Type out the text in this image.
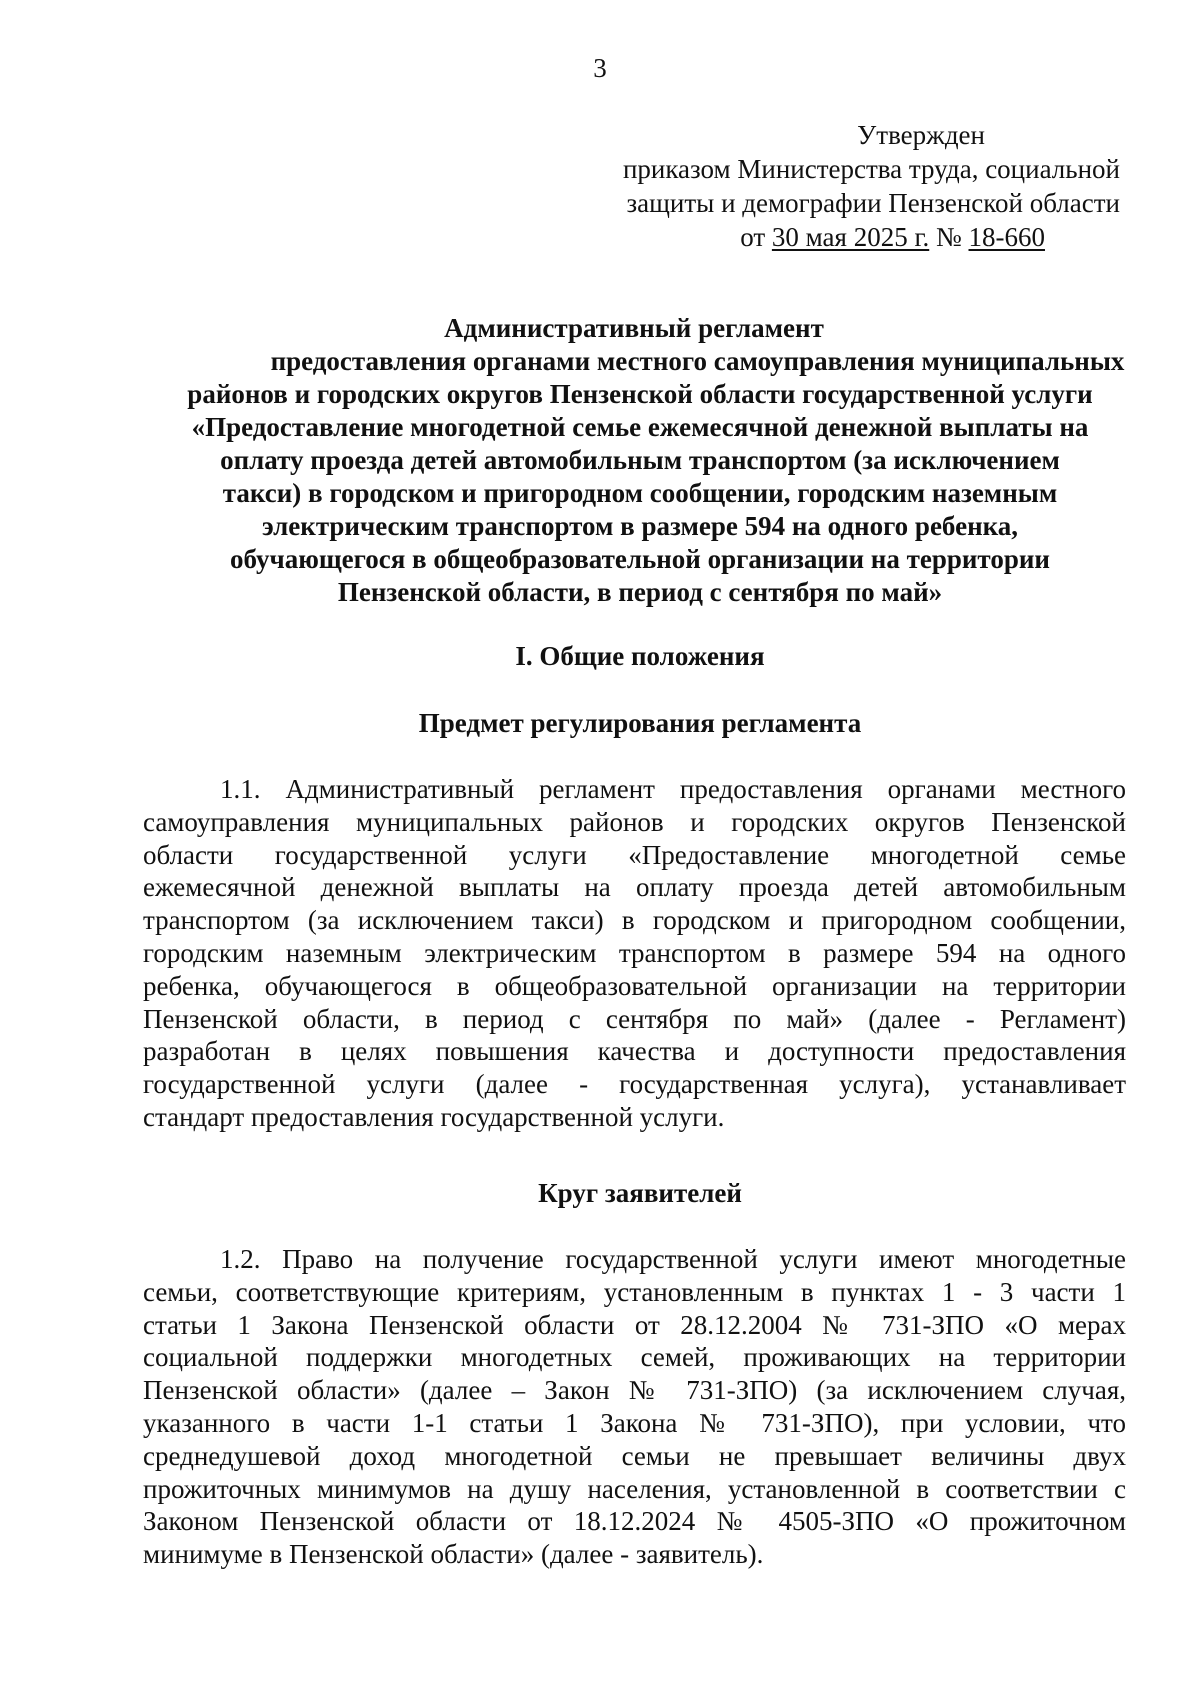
3
Утвержден
приказом Министерства труда, социальной
защиты и демографии Пензенской области
от 30 мая 2025 г. № 18-660
Административный регламент
предоставления органами местного самоуправления муниципальных
районов и городских округов Пензенской области государственной услуги
«Предоставление многодетной семье ежемесячной денежной выплаты на
оплату проезда детей автомобильным транспортом (за исключением
такси) в городском и пригородном сообщении, городским наземным
электрическим транспортом в размере 594 на одного ребенка,
обучающегося в общеобразовательной организации на территории
Пензенской области, в период с сентября по май»
I. Общие положения
Предмет регулирования регламента
1.1. Административный регламент предоставления органами местного
самоуправления муниципальных районов и городских округов Пензенской
области государственной услуги «Предоставление многодетной семье
ежемесячной денежной выплаты на оплату проезда детей автомобильным
транспортом (за исключением такси) в городском и пригородном сообщении,
городским наземным электрическим транспортом в размере 594 на одного
ребенка, обучающегося в общеобразовательной организации на территории
Пензенской области, в период с сентября по май» (далее - Регламент)
разработан в целях повышения качества и доступности предоставления
государственной услуги (далее - государственная услуга), устанавливает
стандарт предоставления государственной услуги.
Круг заявителей
1.2. Право на получение государственной услуги имеют многодетные
семьи, соответствующие критериям, установленным в пунктах 1 - 3 части 1
статьи 1 Закона Пензенской области от 28.12.2004 № 731-ЗПО «О мерах
социальной поддержки многодетных семей, проживающих на территории
Пензенской области» (далее – Закон № 731-ЗПО) (за исключением случая,
указанного в части 1-1 статьи 1 Закона № 731-ЗПО), при условии, что
среднедушевой доход многодетной семьи не превышает величины двух
прожиточных минимумов на душу населения, установленной в соответствии с
Законом Пензенской области от 18.12.2024 № 4505-ЗПО «О прожиточном
минимуме в Пензенской области» (далее - заявитель).
